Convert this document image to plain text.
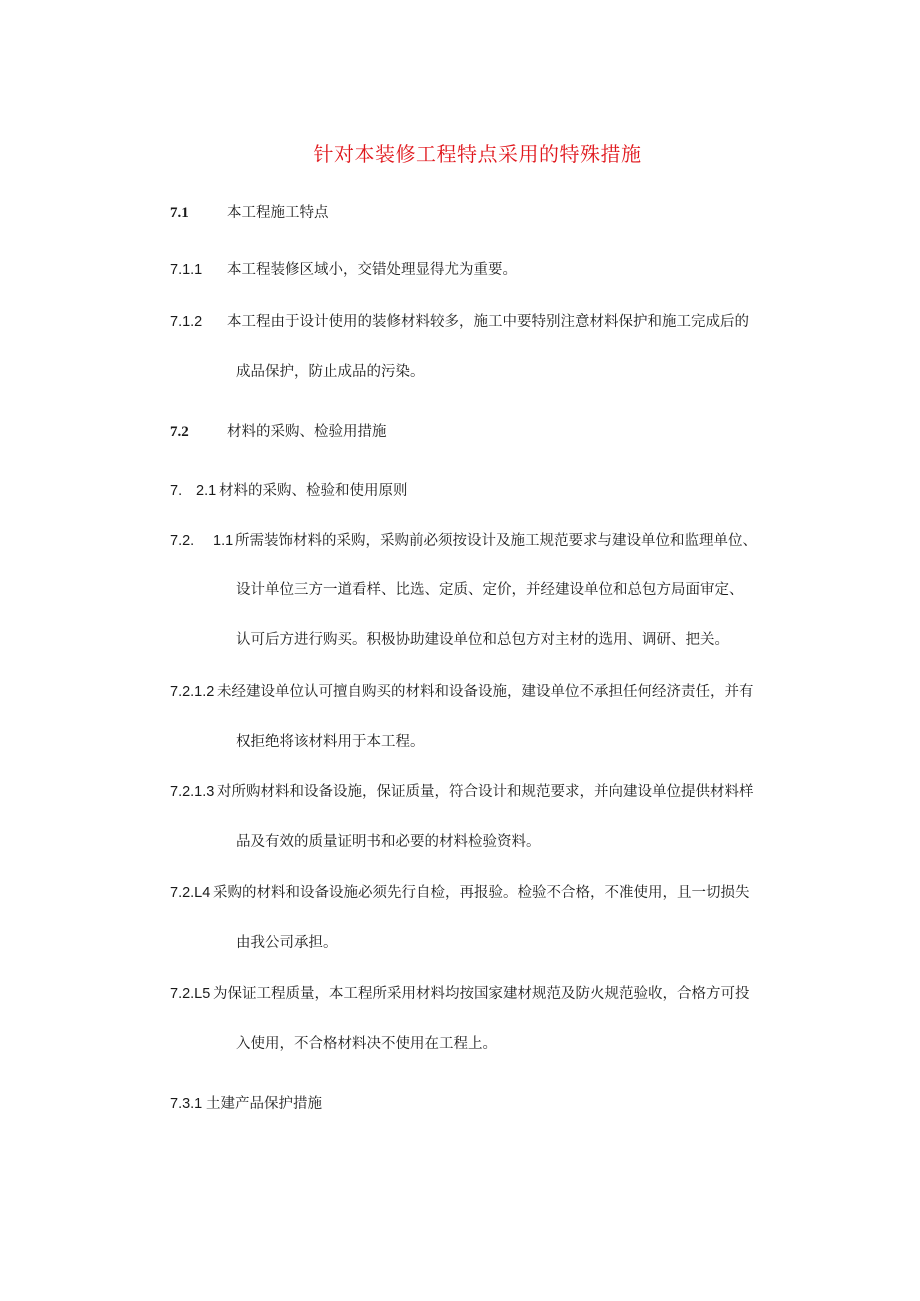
针对本装修工程特点采用的特殊措施
7.1	本工程施工特点
7.1.1 本工程装修区域小，交错处理显得尤为重要。
7.1.2 本工程由于设计使用的装修材料较多，施工中要特别注意材料保护和施工完成后的
成品保护，防止成品的污染。
7.2	材料的采购、检验用措施
7. 2.1 材料的采购、检验和使用原则
7.2. 1.1 所需装饰材料的采购，采购前必须按设计及施工规范要求与建设单位和监理单位、
设计单位三方一道看样、比选、定质、定价，并经建设单位和总包方局面审定、
认可后方进行购买。积极协助建设单位和总包方对主材的选用、调研、把关。
7.2.1.2 未经建设单位认可擅自购买的材料和设备设施，建设单位不承担任何经济责任，并有
权拒绝将该材料用于本工程。
7.2.1.3 对所购材料和设备设施，保证质量，符合设计和规范要求，并向建设单位提供材料样
品及有效的质量证明书和必要的材料检验资料。
7.2.L4 采购的材料和设备设施必须先行自检，再报验。检验不合格，不准使用，且一切损失
由我公司承担。
7.2.L5 为保证工程质量，本工程所采用材料均按国家建材规范及防火规范验收，合格方可投
入使用，不合格材料决不使用在工程上。
7.3.1 土建产品保护措施
